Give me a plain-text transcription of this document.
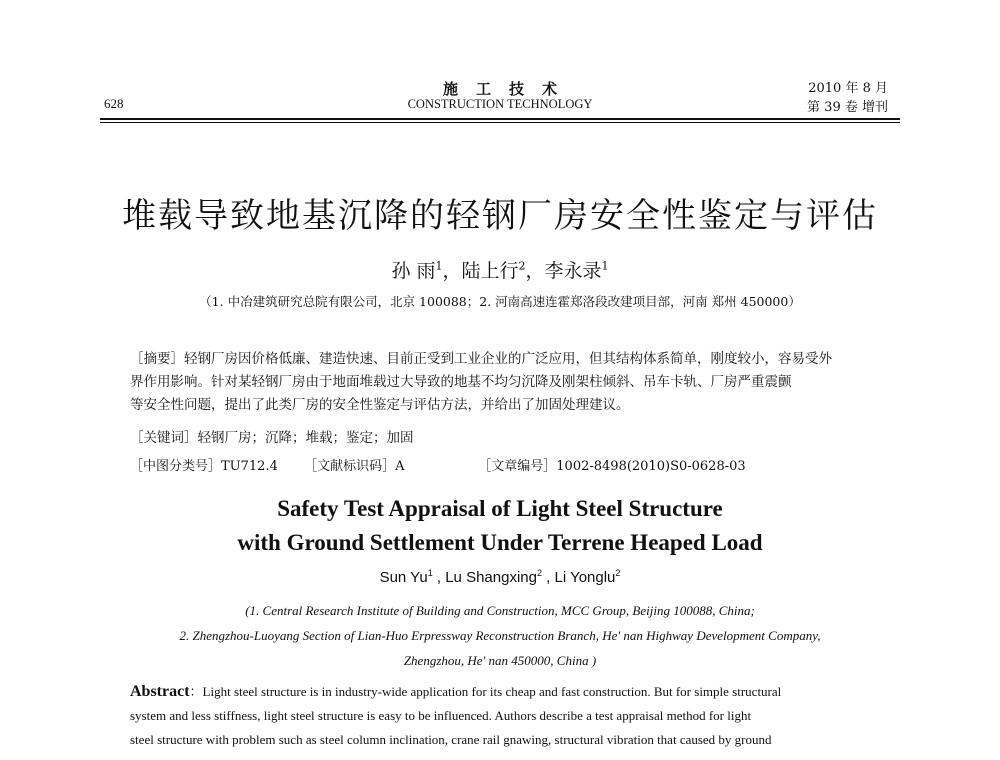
628
施工技术
CONSTRUCTION TECHNOLOGY
2010 年 8 月
第 39 卷 增刊
堆载导致地基沉降的轻钢厂房安全性鉴定与评估
孙 雨$^1$，陆上行$^2$，李永录$^1$
（1. 中冶建筑研究总院有限公司，北京 100088；2. 河南高速连霍郑洛段改建项目部，河南 郑州 450000）
［摘要］轻钢厂房因价格低廉、建造快速、目前正受到工业企业的广泛应用，但其结构体系简单，刚度较小，容易受外
界作用影响。针对某轻钢厂房由于地面堆载过大导致的地基不均匀沉降及刚架柱倾斜、吊车卡轨、厂房严重震颤
等安全性问题，提出了此类厂房的安全性鉴定与评估方法，并给出了加固处理建议。
［关键词］轻钢厂房；沉降；堆载；鉴定；加固
［中图分类号］TU712.4 ［文献标识码］A	［文章编号］1002-8498(2010)S0-0628-03
Safety Test Appraisal of Light Steel Structure
with Ground Settlement Under Terrene Heaped Load
Sun Yu$^1$ , Lu Shangxing$^2$ , Li Yonglu$^2$
(1. Central Research Institute of Building and Construction, MCC Group, Beijing 100088, China;
2. Zhengzhou-Luoyang Section of Lian-Huo Erpressway Reconstruction Branch, He' nan Highway Development Company,
Zhengzhou, He' nan 450000, China )
Abstract：Light steel structure is in industry-wide application for its cheap and fast construction. But for simple structural
system and less stiffness, light steel structure is easy to be influenced. Authors describe a test appraisal method for light
steel structure with problem such as steel column inclination, crane rail gnawing, structural vibration that caused by ground
